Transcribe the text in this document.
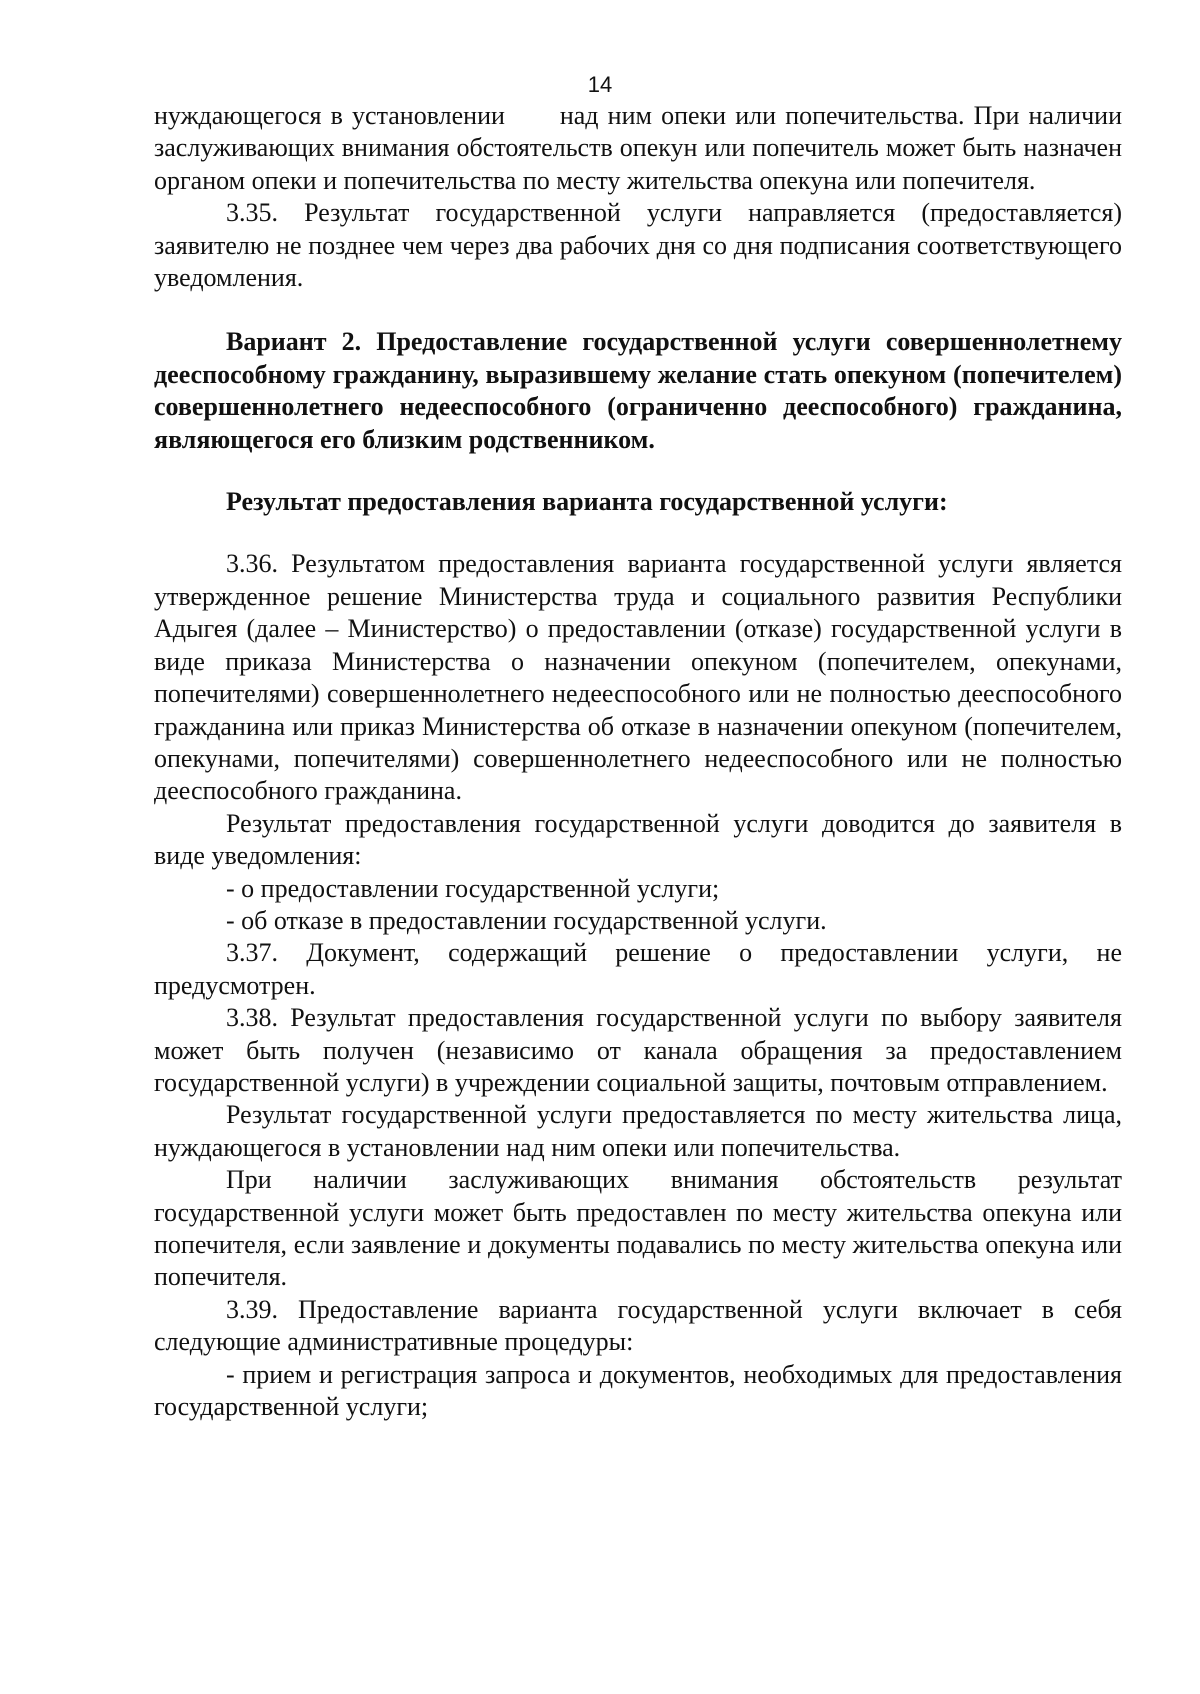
14

нуждающегося в установлении      над ним опеки или попечительства. При наличии заслуживающих внимания обстоятельств опекун или попечитель может быть назначен органом опеки и попечительства по месту жительства опекуна или попечителя.

3.35. Результат государственной услуги направляется (предоставляется) заявителю не позднее чем через два рабочих дня со дня подписания соответствующего уведомления.

Вариант 2. Предоставление государственной услуги совершеннолетнему дееспособному гражданину, выразившему желание стать опекуном (попечителем) совершеннолетнего недееспособного (ограниченно дееспособного) гражданина, являющегося его близким родственником.

Результат предоставления варианта государственной услуги:

3.36. Результатом предоставления варианта государственной услуги является утвержденное решение Министерства труда и социального развития Республики Адыгея (далее – Министерство) о предоставлении (отказе) государственной услуги в виде приказа Министерства о назначении опекуном (попечителем, опекунами, попечителями) совершеннолетнего недееспособного или не полностью дееспособного гражданина или приказ Министерства об отказе в назначении опекуном (попечителем, опекунами, попечителями) совершеннолетнего недееспособного или не полностью дееспособного гражданина.

Результат предоставления государственной услуги доводится до заявителя в виде уведомления:

- о предоставлении государственной услуги;

- об отказе в предоставлении государственной услуги.

3.37. Документ, содержащий решение о предоставлении услуги, не предусмотрен.

3.38. Результат предоставления государственной услуги по выбору заявителя может быть получен (независимо от канала обращения за предоставлением государственной услуги) в учреждении социальной защиты, почтовым отправлением.

Результат государственной услуги предоставляется по месту жительства лица, нуждающегося в установлении над ним опеки или попечительства.

При наличии заслуживающих внимания обстоятельств результат государственной услуги может быть предоставлен по месту жительства опекуна или попечителя, если заявление и документы подавались по месту жительства опекуна или попечителя.

3.39. Предоставление варианта государственной услуги включает в себя следующие административные процедуры:

- прием и регистрация запроса и документов, необходимых для предоставления государственной услуги;
